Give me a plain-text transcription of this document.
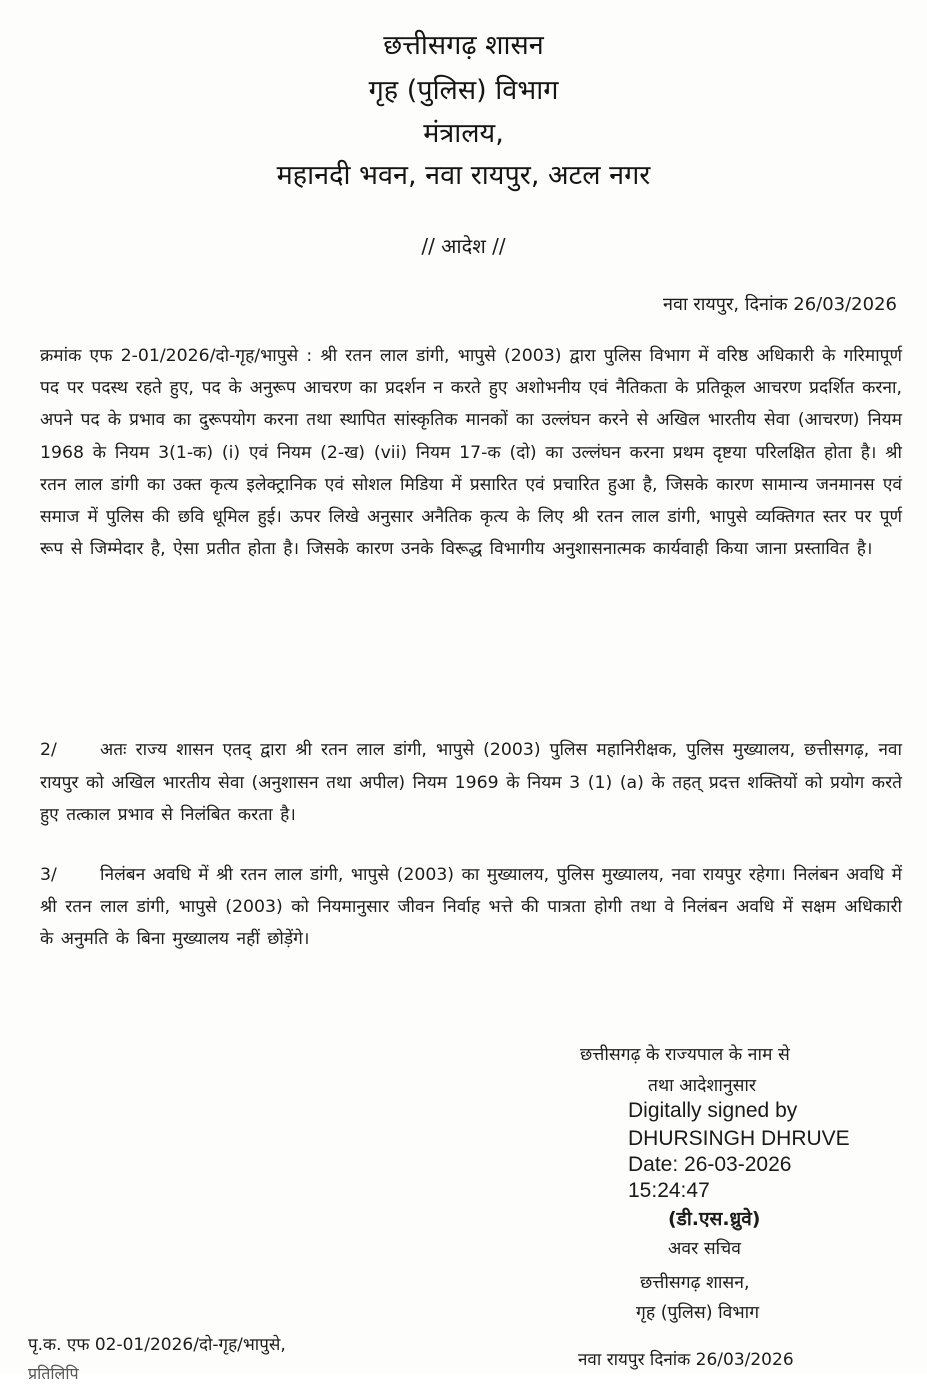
छत्तीसगढ़ शासन
गृह (पुलिस) विभाग
मंत्रालय,
महानदी भवन, नवा रायपुर, अटल नगर
// आदेश //
नवा रायपुर, दिनांक 26/03/2026

क्रमांक एफ 2-01/2026/दो-गृह/भापुसे : श्री रतन लाल डांगी, भापुसे (2003) द्वारा पुलिस विभाग में वरिष्ठ अधिकारी के गरिमापूर्ण पद पर पदस्थ रहते हुए, पद के अनुरूप आचरण का प्रदर्शन न करते हुए अशोभनीय एवं नैतिकता के प्रतिकूल आचरण प्रदर्शित करना, अपने पद के प्रभाव का दुरूपयोग करना तथा स्थापित सांस्कृतिक मानकों का उल्लंघन करने से अखिल भारतीय सेवा (आचरण) नियम 1968 के नियम 3(1-क) (i) एवं नियम (2-ख) (vii) नियम 17-क (दो) का उल्लंघन करना प्रथम दृष्टया परिलक्षित होता है। श्री रतन लाल डांगी का उक्त कृत्य इलेक्ट्रानिक एवं सोशल मिडिया में प्रसारित एवं प्रचारित हुआ है, जिसके कारण सामान्य जनमानस एवं समाज में पुलिस की छवि धूमिल हुई। ऊपर लिखे अनुसार अनैतिक कृत्य के लिए श्री रतन लाल डांगी, भापुसे व्यक्तिगत स्तर पर पूर्ण रूप से जिम्मेदार है, ऐसा प्रतीत होता है। जिसके कारण उनके विरूद्ध विभागीय अनुशासनात्मक कार्यवाही किया जाना प्रस्तावित है।

2/ अतः राज्य शासन एतद् द्वारा श्री रतन लाल डांगी, भापुसे (2003) पुलिस महानिरीक्षक, पुलिस मुख्यालय, छत्तीसगढ़, नवा रायपुर को अखिल भारतीय सेवा (अनुशासन तथा अपील) नियम 1969 के नियम 3 (1) (a) के तहत् प्रदत्त शक्तियों को प्रयोग करते हुए तत्काल प्रभाव से निलंबित करता है।

3/ निलंबन अवधि में श्री रतन लाल डांगी, भापुसे (2003) का मुख्यालय, पुलिस मुख्यालय, नवा रायपुर रहेगा। निलंबन अवधि में श्री रतन लाल डांगी, भापुसे (2003) को नियमानुसार जीवन निर्वाह भत्ते की पात्रता होगी तथा वे निलंबन अवधि में सक्षम अधिकारी के अनुमति के बिना मुख्यालय नहीं छोड़ेंगे।

छत्तीसगढ़ के राज्यपाल के नाम से
तथा आदेशानुसार
Digitally signed by
DHURSINGH DHRUVE
Date: 26-03-2026
15:24:47
(डी.एस.ध्रुवे)
अवर सचिव
छत्तीसगढ़ शासन,
गृह (पुलिस) विभाग
पृ.क. एफ 02-01/2026/दो-गृह/भापुसे,
नवा रायपुर दिनांक 26/03/2026
प्रतिलिपि
